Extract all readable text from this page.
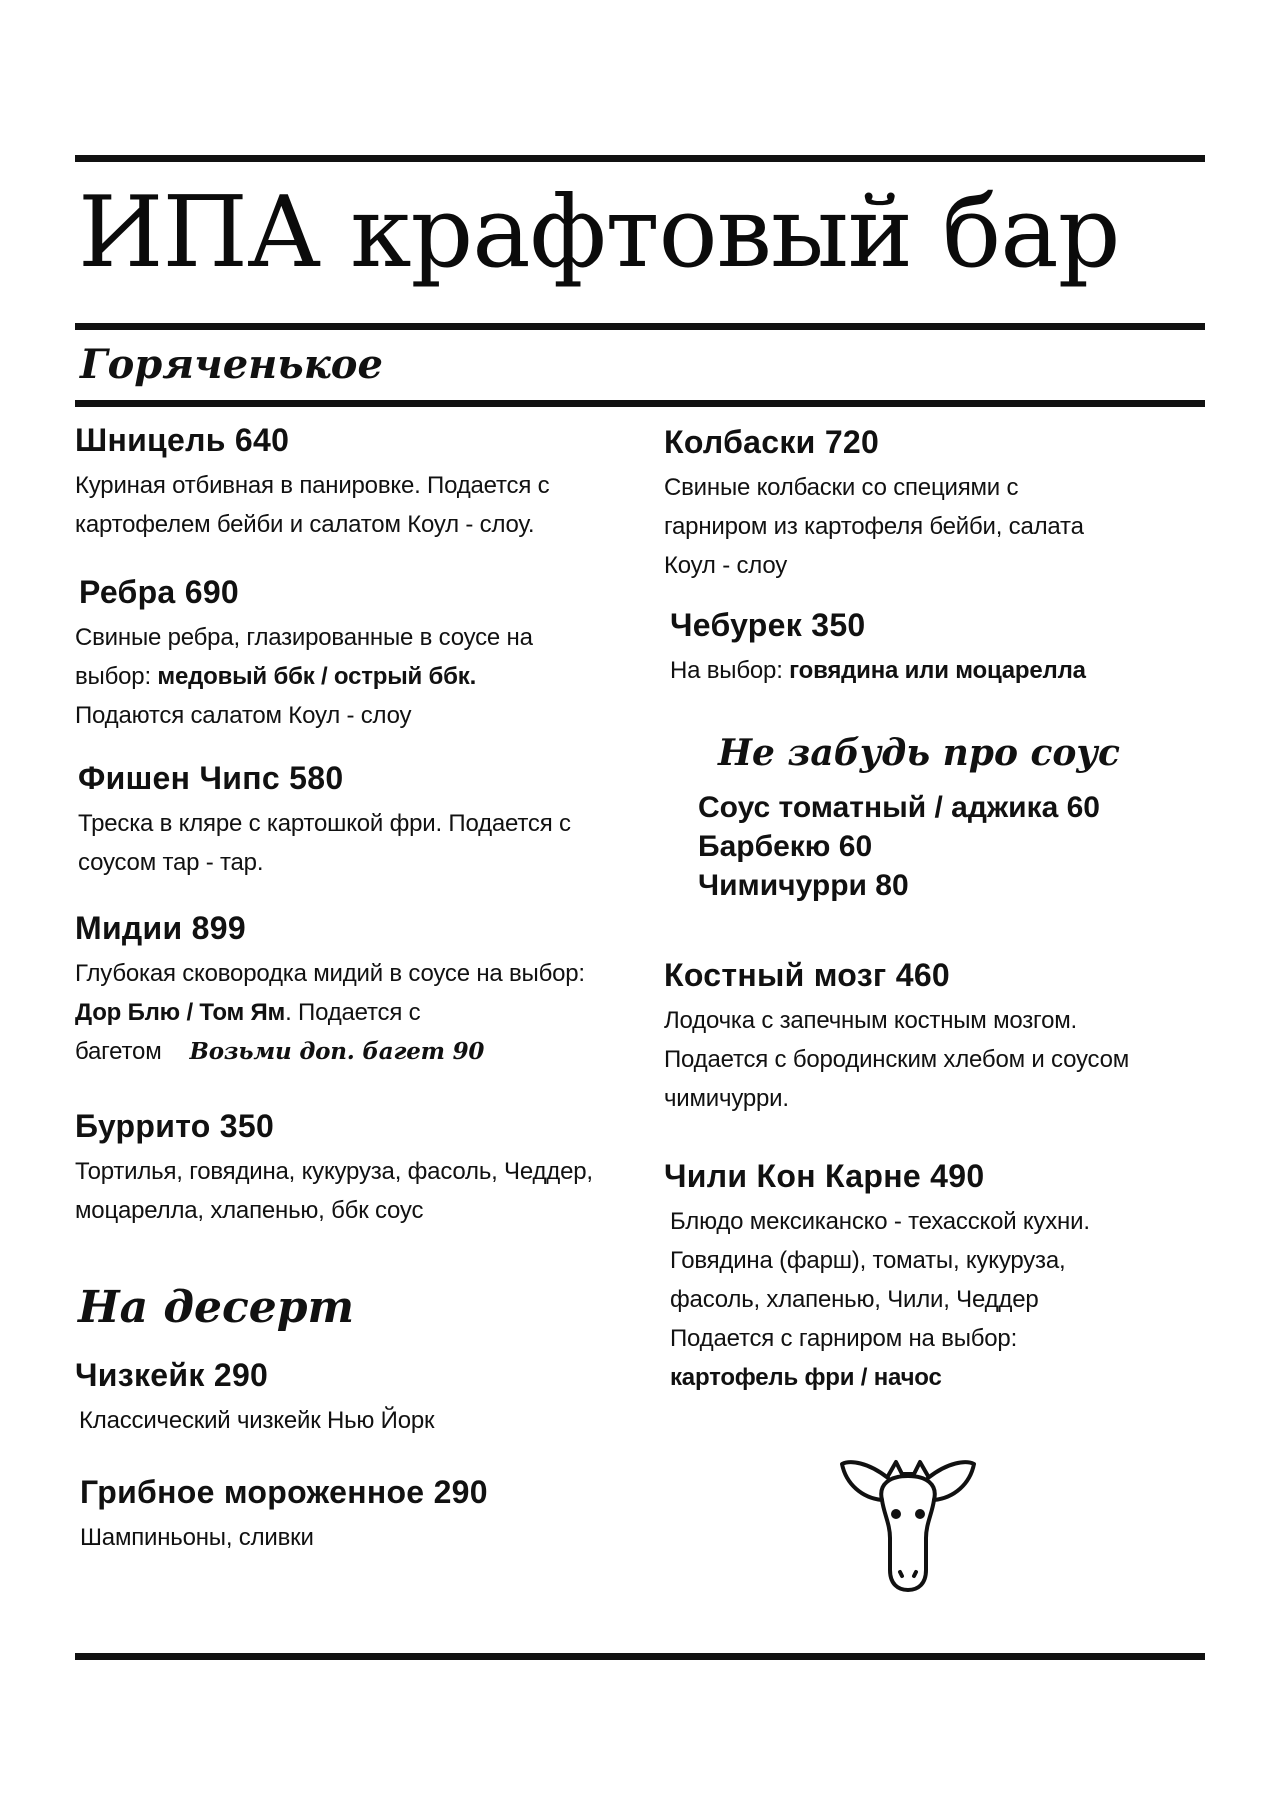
ИПА крафтовый бар
Горяченькое

Шницель 640

Куриная отбивная в панировке. Подается с картофелем бейби и салатом Коул - слоу.

Ребра 690

Свиные ребра, глазированные в соусе на выбор: медовый ббк / острый ббк.
Подаются салатом Коул - слоу

Фишен Чипс 580

Треска в кляре с картошкой фри. Подается с соусом тар - тар.

Мидии 899

Глубокая сковородка мидий в соусе на выбор: Дор Блю / Том Ям. Подается с багетом Возьми доп. багет 90

Буррито 350

Тортилья, говядина, кукуруза, фасоль, Чеддер, моцарелла, хлапенью, ббк соус

На десерт

Чизкейк 290

Классический чизкейк Нью Йорк

Грибное мороженное 290

Шампиньоны, сливки

Колбаски 720

Свиные колбаски со специями с гарниром из картофеля бейби, салата Коул - слоу

Чебурек 350

На выбор: говядина или моцарелла

Не забудь про соус

Соус томатный / аджика 60

Барбекю 60

Чимичурри 80

Костный мозг 460

Лодочка с запечным костным мозгом. Подается с бородинским хлебом и соусом чимичурри.

Чили Кон Карне 490

Блюдо мексиканско - техасской кухни. Говядина (фарш), томаты, кукуруза, фасоль, хлапенью, Чили, Чеддер Подается с гарниром на выбор:
картофель фри / начос
